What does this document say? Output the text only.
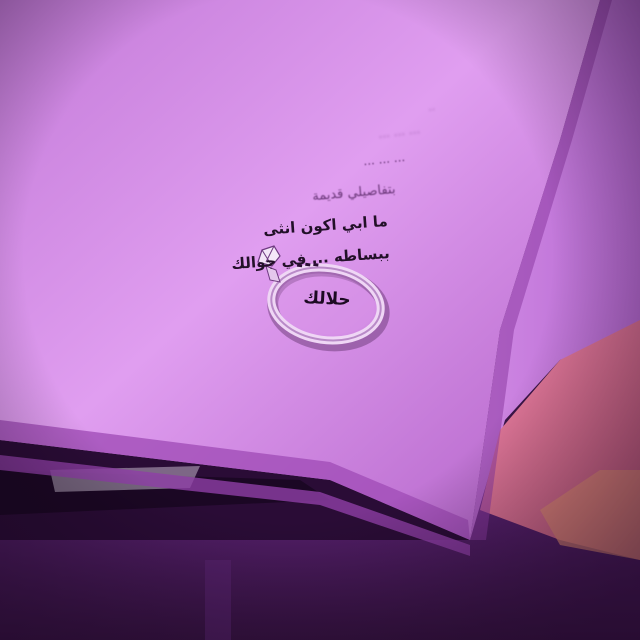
..
... ... ...
... ... ...
بتفاصيلي قديمة
ما ابي اكون انثى
ببساطه ... في جوالك
حلالك
